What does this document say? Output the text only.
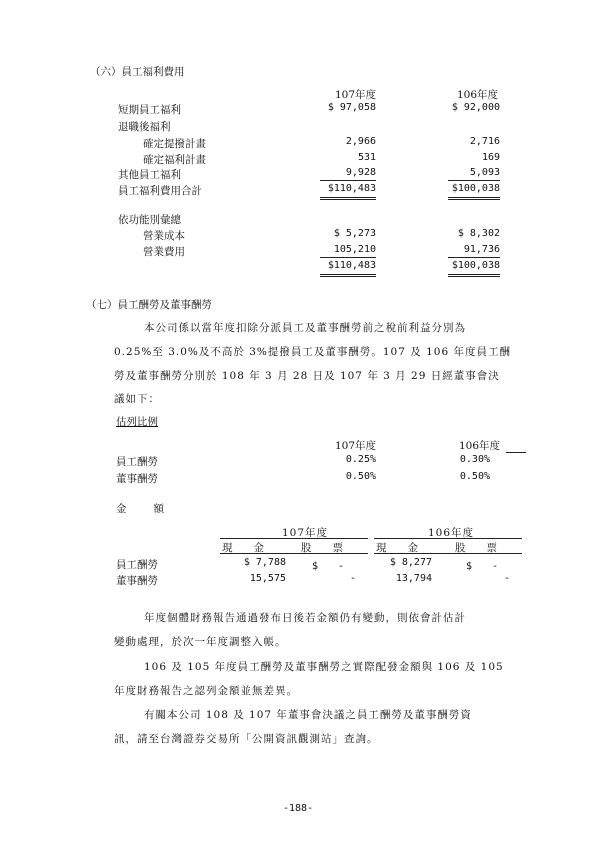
（六）員工福利費用
107年度	106年度
短期員工福利	$ 97,058	$ 92,000
退職後福利
確定提撥計畫	2,966	2,716
確定福利計畫	531	169
其他員工福利	9,928	5,093
員工福利費用合計	$110,483	$100,038
依功能別彙總
營業成本	$ 5,273	$ 8,302
營業費用	105,210	91,736
$110,483	$100,038
（七）員工酬勞及董事酬勞
本公司係以當年度扣除分派員工及董事酬勞前之稅前利益分別為
0.25%至 3.0%及不高於 3%提撥員工及董事酬勞。107 及 106 年度員工酬
勞及董事酬勞分別於 108 年 3 月 28 日及 107 年 3 月 29 日經董事會決
議如下：
估列比例
107年度	106年度
員工酬勞	0.25%	0.30%
董事酬勞	0.50%	0.50%
金　　額
107年度	106年度
現　　金	股　　票	現　　金	股　　票
員工酬勞	$ 7,788	$　　-	$ 8,277	$　　-
董事酬勞	15,575	-	13,794	-
年度個體財務報告通過發布日後若金額仍有變動，則依會計估計
變動處理，於次一年度調整入帳。
106 及 105 年度員工酬勞及董事酬勞之實際配發金額與 106 及 105
年度財務報告之認列金額並無差異。
有關本公司 108 及 107 年董事會決議之員工酬勞及董事酬勞資
訊，請至台灣證券交易所「公開資訊觀測站」查詢。
-188-
